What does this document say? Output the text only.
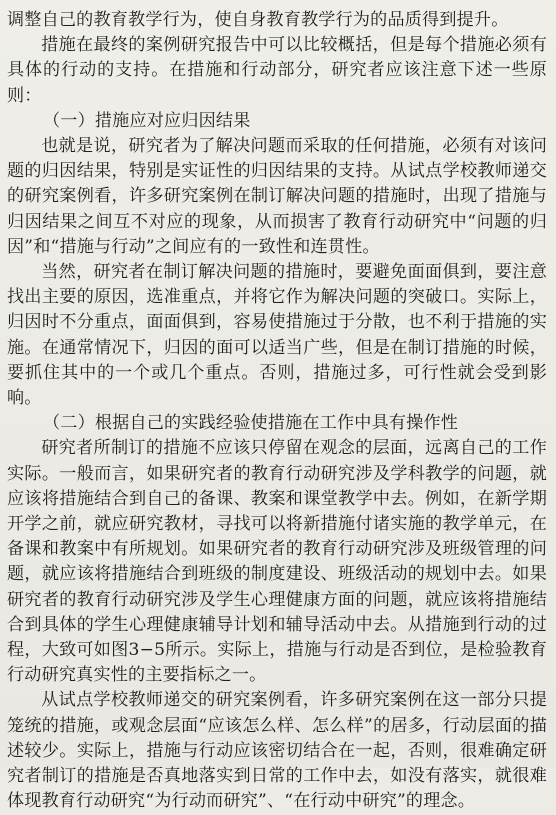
调整自己的教育教学行为，使自身教育教学行为的品质得到提升。

措施在最终的案例研究报告中可以比较概括，但是每个措施必须有具体的行动的支持。在措施和行动部分，研究者应该注意下述一些原则：

（一）措施应对应归因结果

也就是说，研究者为了解决问题而采取的任何措施，必须有对该问题的归因结果，特别是实证性的归因结果的支持。从试点学校教师递交的研究案例看，许多研究案例在制订解决问题的措施时，出现了措施与归因结果之间互不对应的现象，从而损害了教育行动研究中“问题的归因”和“措施与行动”之间应有的一致性和连贯性。

当然，研究者在制订解决问题的措施时，要避免面面俱到，要注意找出主要的原因，选准重点，并将它作为解决问题的突破口。实际上，归因时不分重点，面面俱到，容易使措施过于分散，也不利于措施的实施。在通常情况下，归因的面可以适当广些，但是在制订措施的时候，要抓住其中的一个或几个重点。否则，措施过多，可行性就会受到影响。

（二）根据自己的实践经验使措施在工作中具有操作性

研究者所制订的措施不应该只停留在观念的层面，远离自己的工作实际。一般而言，如果研究者的教育行动研究涉及学科教学的问题，就应该将措施结合到自己的备课、教案和课堂教学中去。例如，在新学期开学之前，就应研究教材，寻找可以将新措施付诸实施的教学单元，在备课和教案中有所规划。如果研究者的教育行动研究涉及班级管理的问题，就应该将措施结合到班级的制度建设、班级活动的规划中去。如果研究者的教育行动研究涉及学生心理健康方面的问题，就应该将措施结合到具体的学生心理健康辅导计划和辅导活动中去。从措施到行动的过程，大致可如图3−5所示。实际上，措施与行动是否到位，是检验教育行动研究真实性的主要指标之一。

从试点学校教师递交的研究案例看，许多研究案例在这一部分只提笼统的措施，或观念层面“应该怎么样、怎么样”的居多，行动层面的描述较少。实际上，措施与行动应该密切结合在一起，否则，很难确定研究者制订的措施是否真地落实到日常的工作中去，如没有落实，就很难体现教育行动研究“为行动而研究”、“在行动中研究”的理念。
